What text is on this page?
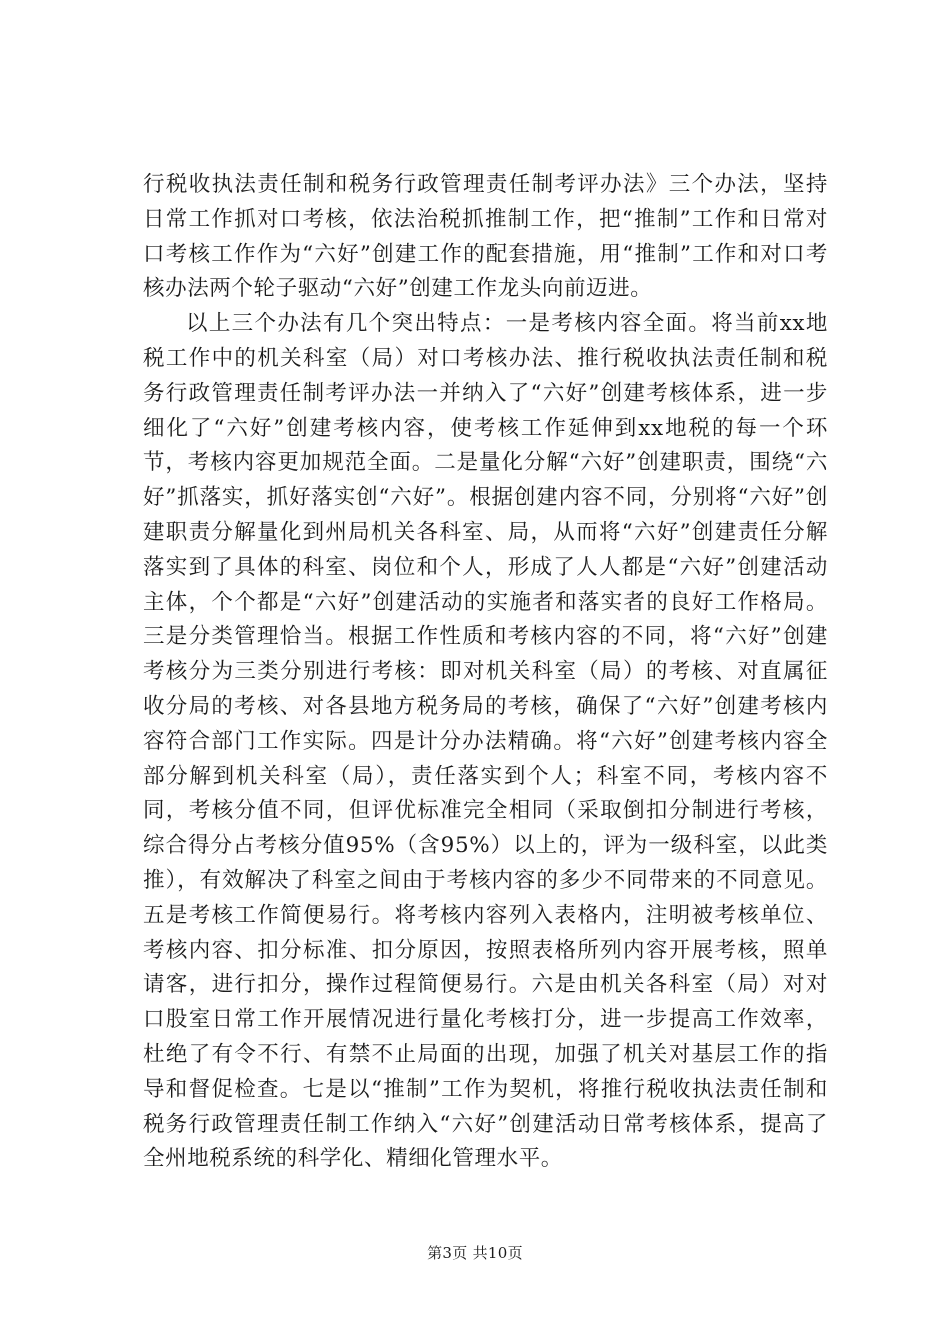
行税收执法责任制和税务行政管理责任制考评办法》三个办法，坚持日常工作抓对口考核，依法治税抓推制工作，把“推制”工作和日常对口考核工作作为“六好”创建工作的配套措施，用“推制”工作和对口考核办法两个轮子驱动“六好”创建工作龙头向前迈进。

以上三个办法有几个突出特点：一是考核内容全面。将当前xx地税工作中的机关科室（局）对口考核办法、推行税收执法责任制和税务行政管理责任制考评办法一并纳入了“六好”创建考核体系，进一步细化了“六好”创建考核内容，使考核工作延伸到xx地税的每一个环节，考核内容更加规范全面。二是量化分解“六好”创建职责，围绕“六好”抓落实，抓好落实创“六好”。根据创建内容不同，分别将“六好”创建职责分解量化到州局机关各科室、局，从而将“六好”创建责任分解落实到了具体的科室、岗位和个人，形成了人人都是“六好”创建活动主体，个个都是“六好”创建活动的实施者和落实者的良好工作格局。三是分类管理恰当。根据工作性质和考核内容的不同，将“六好”创建考核分为三类分别进行考核：即对机关科室（局）的考核、对直属征收分局的考核、对各县地方税务局的考核，确保了“六好”创建考核内容符合部门工作实际。四是计分办法精确。将“六好”创建考核内容全部分解到机关科室（局），责任落实到个人；科室不同，考核内容不同，考核分值不同，但评优标准完全相同（采取倒扣分制进行考核，综合得分占考核分值95%（含95%）以上的，评为一级科室，以此类推），有效解决了科室之间由于考核内容的多少不同带来的不同意见。五是考核工作简便易行。将考核内容列入表格内，注明被考核单位、考核内容、扣分标准、扣分原因，按照表格所列内容开展考核，照单请客，进行扣分，操作过程简便易行。六是由机关各科室（局）对对口股室日常工作开展情况进行量化考核打分，进一步提高工作效率，杜绝了有令不行、有禁不止局面的出现，加强了机关对基层工作的指导和督促检查。七是以“推制”工作为契机，将推行税收执法责任制和税务行政管理责任制工作纳入“六好”创建活动日常考核体系，提高了全州地税系统的科学化、精细化管理水平。

第3页 共10页
